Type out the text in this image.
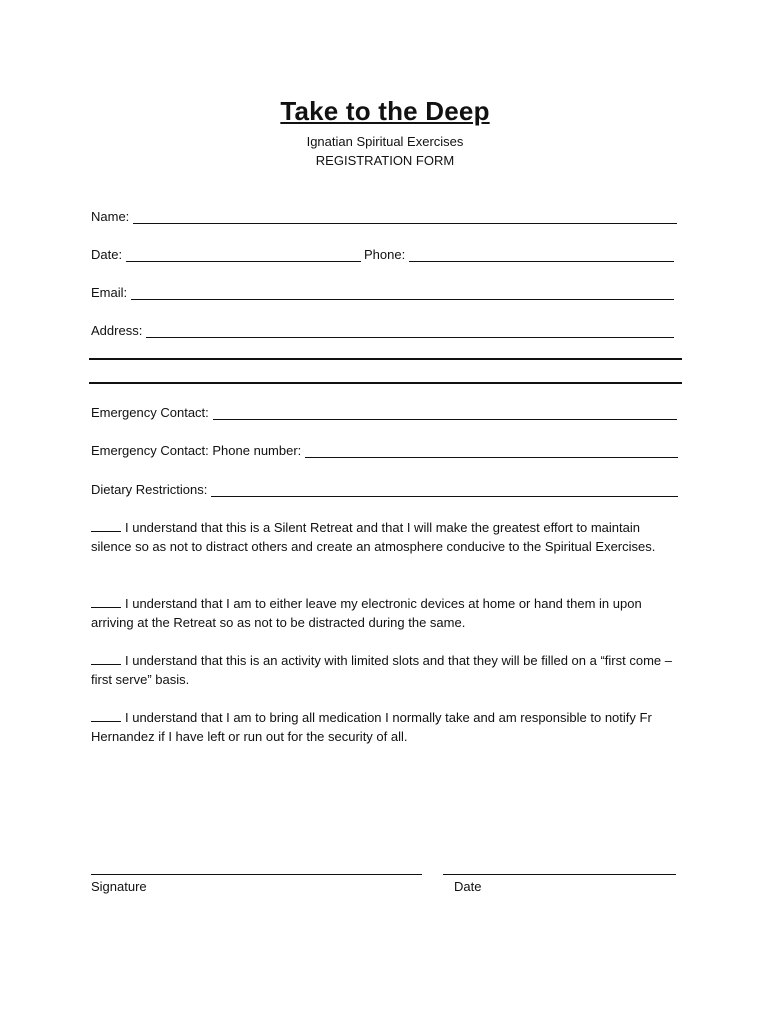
Take to the Deep
Ignatian Spiritual Exercises
REGISTRATION FORM
Name:
Date:	Phone:
Email:
Address:
Emergency Contact:
Emergency Contact: Phone number:
Dietary Restrictions:
I understand that this is a Silent Retreat and that I will make the greatest effort to maintain silence so as not to distract others and create an atmosphere conducive to the Spiritual Exercises.
I understand that I am to either leave my electronic devices at home or hand them in upon arriving at the Retreat so as not to be distracted during the same.
I understand that this is an activity with limited slots and that they will be filled on a “first come – first serve” basis.
I understand that I am to bring all medication I normally take and am responsible to notify Fr Hernandez if I have left or run out for the security of all.
Signature	Date
